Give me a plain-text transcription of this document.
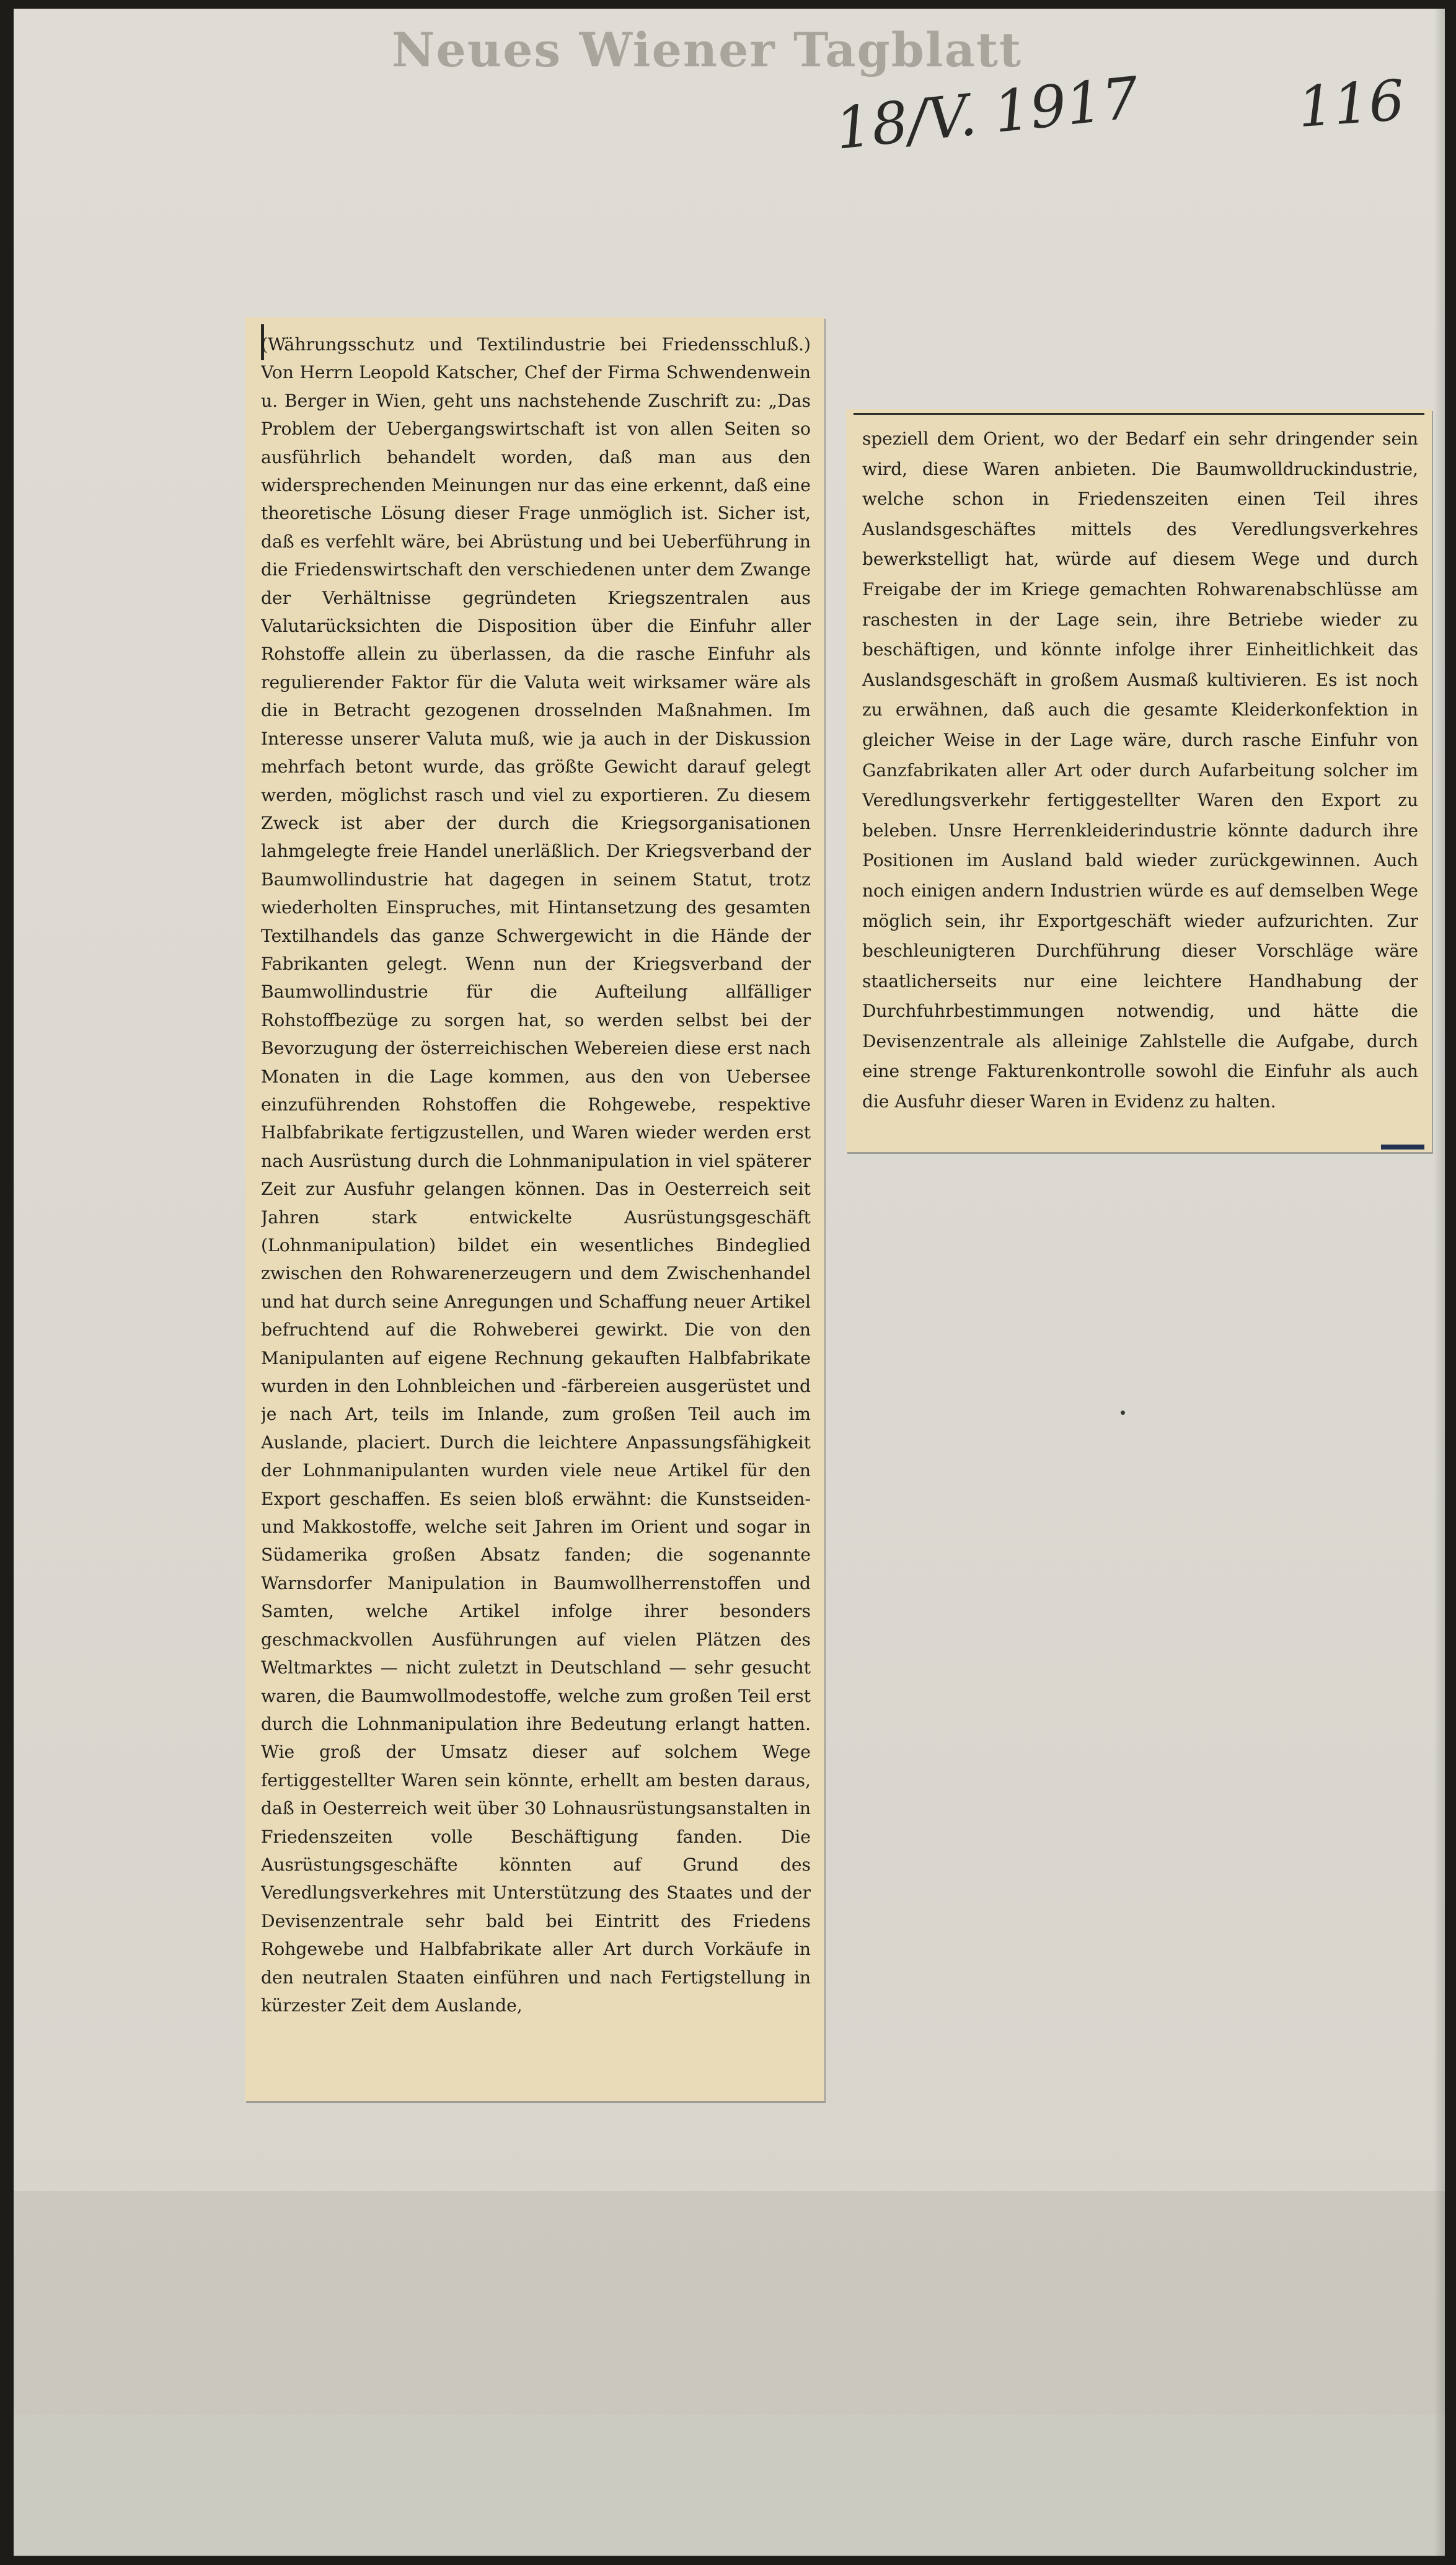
Neues Wiener Tagblatt
18/V. 1917	116
(Währungsschutz und Textilindustrie bei Friedensschluß.) Von Herrn Leopold Katscher, Chef der Firma Schwendenwein u. Berger in Wien, geht uns nachstehende Zuschrift zu: „Das Problem der Uebergangswirtschaft ist von allen Seiten so ausführlich behandelt worden, daß man aus den widersprechenden Meinungen nur das eine erkennt, daß eine theoretische Lösung dieser Frage unmöglich ist. Sicher ist, daß es verfehlt wäre, bei Abrüstung und bei Ueberführung in die Friedenswirtschaft den verschiedenen unter dem Zwange der Verhältnisse gegründeten Kriegszentralen aus Valutarücksichten die Disposition über die Einfuhr aller Rohstoffe allein zu überlassen, da die rasche Einfuhr als regulierender Faktor für die Valuta weit wirksamer wäre als die in Betracht gezogenen drosselnden Maßnahmen. Im Interesse unserer Valuta muß, wie ja auch in der Diskussion mehrfach betont wurde, das größte Gewicht darauf gelegt werden, möglichst rasch und viel zu exportieren. Zu diesem Zweck ist aber der durch die Kriegsorganisationen lahmgelegte freie Handel unerläßlich. Der Kriegsverband der Baumwollindustrie hat dagegen in seinem Statut, trotz wiederholten Einspruches, mit Hintansetzung des gesamten Textilhandels das ganze Schwergewicht in die Hände der Fabrikanten gelegt. Wenn nun der Kriegsverband der Baumwollindustrie für die Aufteilung allfälliger Rohstoffbezüge zu sorgen hat, so werden selbst bei der Bevorzugung der österreichischen Webereien diese erst nach Monaten in die Lage kommen, aus den von Uebersee einzuführenden Rohstoffen die Rohgewebe, respektive Halbfabrikate fertigzustellen, und Waren wieder werden erst nach Ausrüstung durch die Lohnmanipulation in viel späterer Zeit zur Ausfuhr gelangen können. Das in Oesterreich seit Jahren stark entwickelte Ausrüstungsgeschäft (Lohnmanipulation) bildet ein wesentliches Bindeglied zwischen den Rohwarenerzeugern und dem Zwischenhandel und hat durch seine Anregungen und Schaffung neuer Artikel befruchtend auf die Rohweberei gewirkt. Die von den Manipulanten auf eigene Rechnung gekauften Halbfabrikate wurden in den Lohnbleichen und -färbereien ausgerüstet und je nach Art, teils im Inlande, zum großen Teil auch im Auslande, placiert. Durch die leichtere Anpassungsfähigkeit der Lohnmanipulanten wurden viele neue Artikel für den Export geschaffen. Es seien bloß erwähnt: die Kunstseiden- und Makkostoffe, welche seit Jahren im Orient und sogar in Südamerika großen Absatz fanden; die sogenannte Warnsdorfer Manipulation in Baumwollherrenstoffen und Samten, welche Artikel infolge ihrer besonders geschmackvollen Ausführungen auf vielen Plätzen des Weltmarktes — nicht zuletzt in Deutschland — sehr gesucht waren, die Baumwollmodestoffe, welche zum großen Teil erst durch die Lohnmanipulation ihre Bedeutung erlangt hatten. Wie groß der Umsatz dieser auf solchem Wege fertiggestellter Waren sein könnte, erhellt am besten daraus, daß in Oesterreich weit über 30 Lohnausrüstungsanstalten in Friedenszeiten volle Beschäftigung fanden. Die Ausrüstungsgeschäfte könnten auf Grund des Veredlungsverkehres mit Unterstützung des Staates und der Devisenzentrale sehr bald bei Eintritt des Friedens Rohgewebe und Halbfabrikate aller Art durch Vorkäufe in den neutralen Staaten einführen und nach Fertigstellung in kürzester Zeit dem Auslande,
speziell dem Orient, wo der Bedarf ein sehr dringender sein wird, diese Waren anbieten. Die Baumwolldruckindustrie, welche schon in Friedenszeiten einen Teil ihres Auslandsgeschäftes mittels des Veredlungsverkehres bewerkstelligt hat, würde auf diesem Wege und durch Freigabe der im Kriege gemachten Rohwarenabschlüsse am raschesten in der Lage sein, ihre Betriebe wieder zu beschäftigen, und könnte infolge ihrer Einheitlichkeit das Auslandsgeschäft in großem Ausmaß kultivieren. Es ist noch zu erwähnen, daß auch die gesamte Kleiderkonfektion in gleicher Weise in der Lage wäre, durch rasche Einfuhr von Ganzfabrikaten aller Art oder durch Aufarbeitung solcher im Veredlungsverkehr fertiggestellter Waren den Export zu beleben. Unsre Herrenkleiderindustrie könnte dadurch ihre Positionen im Ausland bald wieder zurückgewinnen. Auch noch einigen andern Industrien würde es auf demselben Wege möglich sein, ihr Exportgeschäft wieder aufzurichten. Zur beschleunigteren Durchführung dieser Vorschläge wäre staatlicherseits nur eine leichtere Handhabung der Durchfuhrbestimmungen notwendig, und hätte die Devisenzentrale als alleinige Zahlstelle die Aufgabe, durch eine strenge Fakturenkontrolle sowohl die Einfuhr als auch die Ausfuhr dieser Waren in Evidenz zu halten.
